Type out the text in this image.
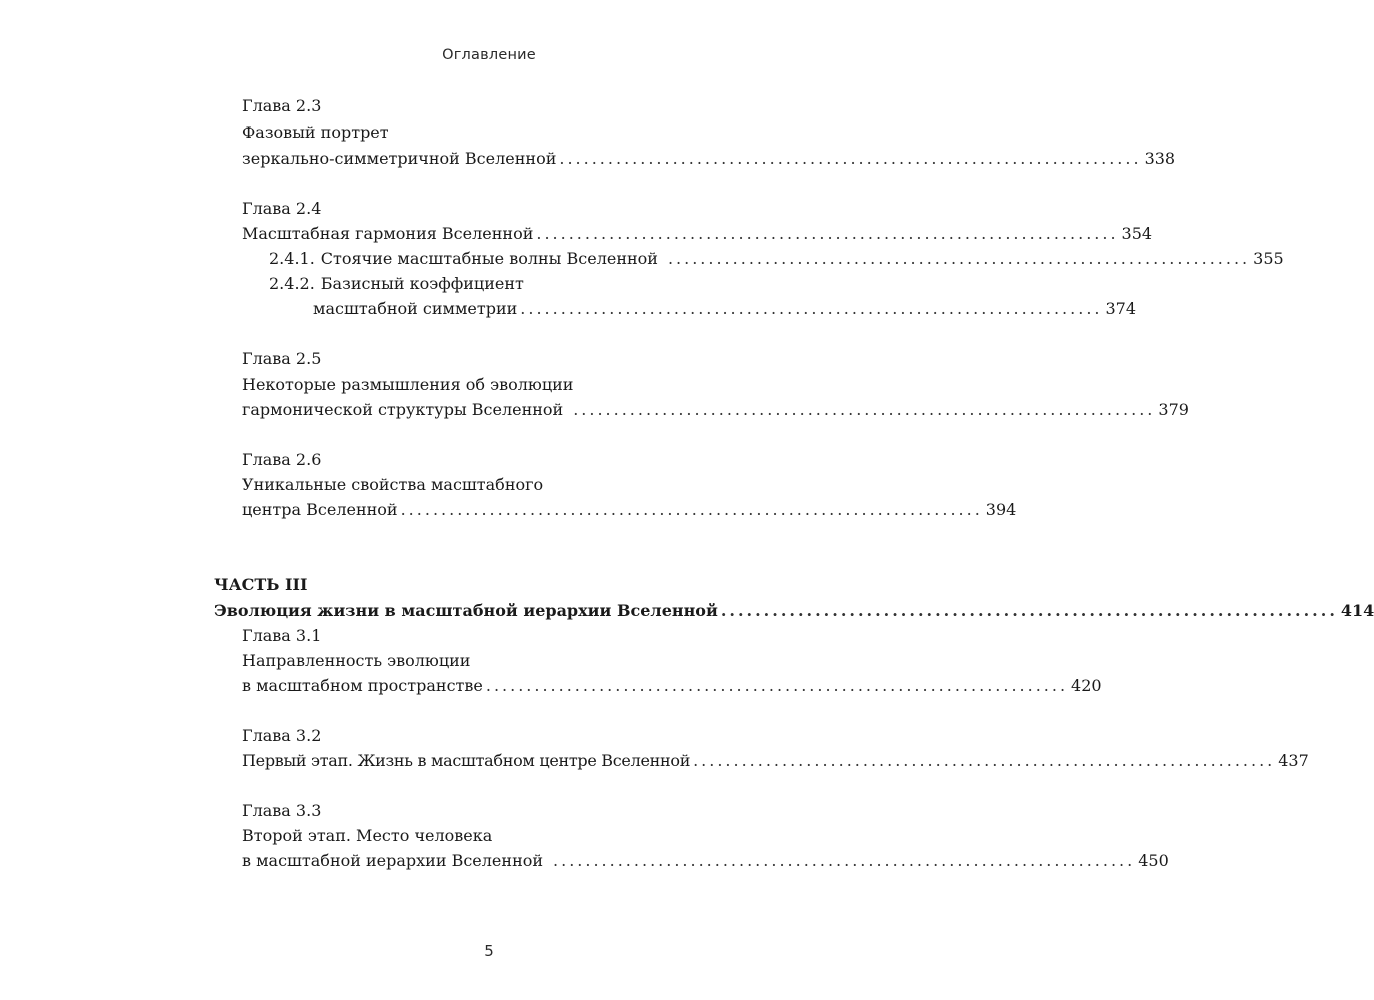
Оглавление
Глава 2.3
Фазовый портрет
зеркально-симметричной Вселенной ........................................................................ 338
Глава 2.4
Масштабная гармония Вселенной ........................................................................ 354
2.4.1. Стоячие масштабные волны Вселенной ........................................................................ 355
2.4.2. Базисный коэффициент
масштабной симметрии ........................................................................ 374
Глава 2.5
Некоторые размышления об эволюции
гармонической структуры Вселенной ........................................................................ 379
Глава 2.6
Уникальные свойства масштабного
центра Вселенной ........................................................................ 394
ЧАСТЬ III
Эволюция жизни в масштабной иерархии Вселенной ........................................................................ 414
Глава 3.1
Направленность эволюции
в масштабном пространстве ........................................................................ 420
Глава 3.2
Первый этап. Жизнь в масштабном центре Вселенной ........................................................................ 437
Глава 3.3
Второй этап. Место человека
в масштабной иерархии Вселенной ........................................................................ 450
5
